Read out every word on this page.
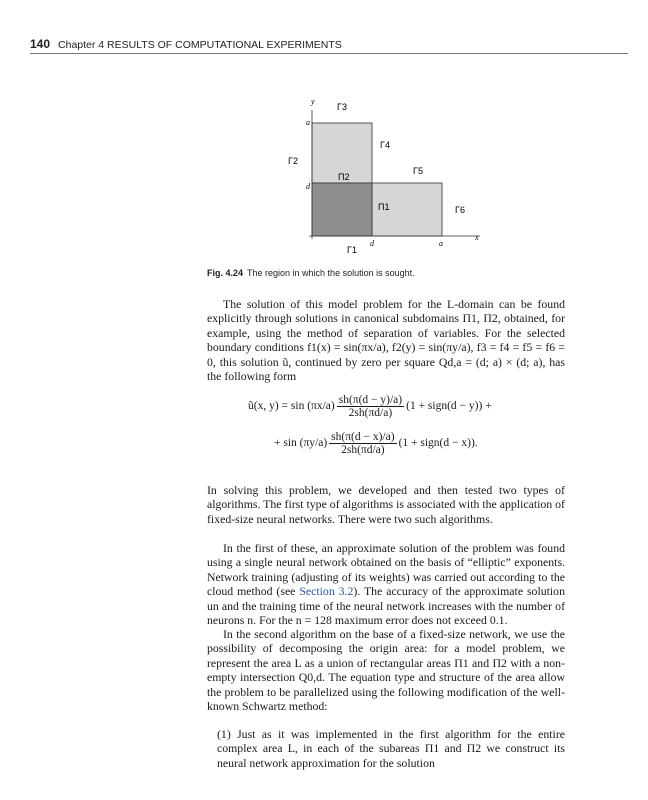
140 Chapter 4 RESULTS OF COMPUTATIONAL EXPERIMENTS
y
x
a
d
d	a
Γ3
Γ2
Γ4
Γ5
Γ6
Γ1
Π2
Π1
Fig. 4.24 The region in which the solution is sought.

The solution of this model problem for the L-domain can be found explicitly through solutions in canonical subdomains Π1, Π2, obtained, for example, using the method of separation of variables. For the selected boundary conditions f1(x) = sin(πx/a), f2(y) = sin(πy/a), f3 = f4 = f5 = f6 = 0, this solution ũ, continued by zero per square Qd,a = (d; a) × (d; a), has the following form

ũ(x, $y) = \sin (\pi x/a) \frac{sh(\pi(d - y)/a)}{2sh(\pi d/a)} (1$ + sign(d − y)) +
+ $\sin (\pi y/a) \frac{sh(\pi(d - x)/a)}{2sh(\pi d/a)} (1$ + sign(d − x)).

In solving this problem, we developed and then tested two types of algorithms. The first type of algorithms is associated with the application of fixed-size neural networks. There were two such algorithms.

In the first of these, an approximate solution of the problem was found using a single neural network obtained on the basis of “elliptic” exponents. Network training (adjusting of its weights) was carried out according to the cloud method (see Section 3.2). The accuracy of the approximate solution un and the training time of the neural network increases with the number of neurons n. For the n = 128 maximum error does not exceed 0.1.

In the second algorithm on the base of a fixed-size network, we use the possibility of decomposing the origin area: for a model problem, we represent the area L as a union of rectangular areas Π1 and Π2 with a non-empty intersection Q0,d. The equation type and structure of the area allow the problem to be parallelized using the following modification of the well-known Schwartz method:

(1) Just as it was implemented in the first algorithm for the entire complex area L, in each of the subareas Π1 and Π2 we construct its neural network approximation for the solution
